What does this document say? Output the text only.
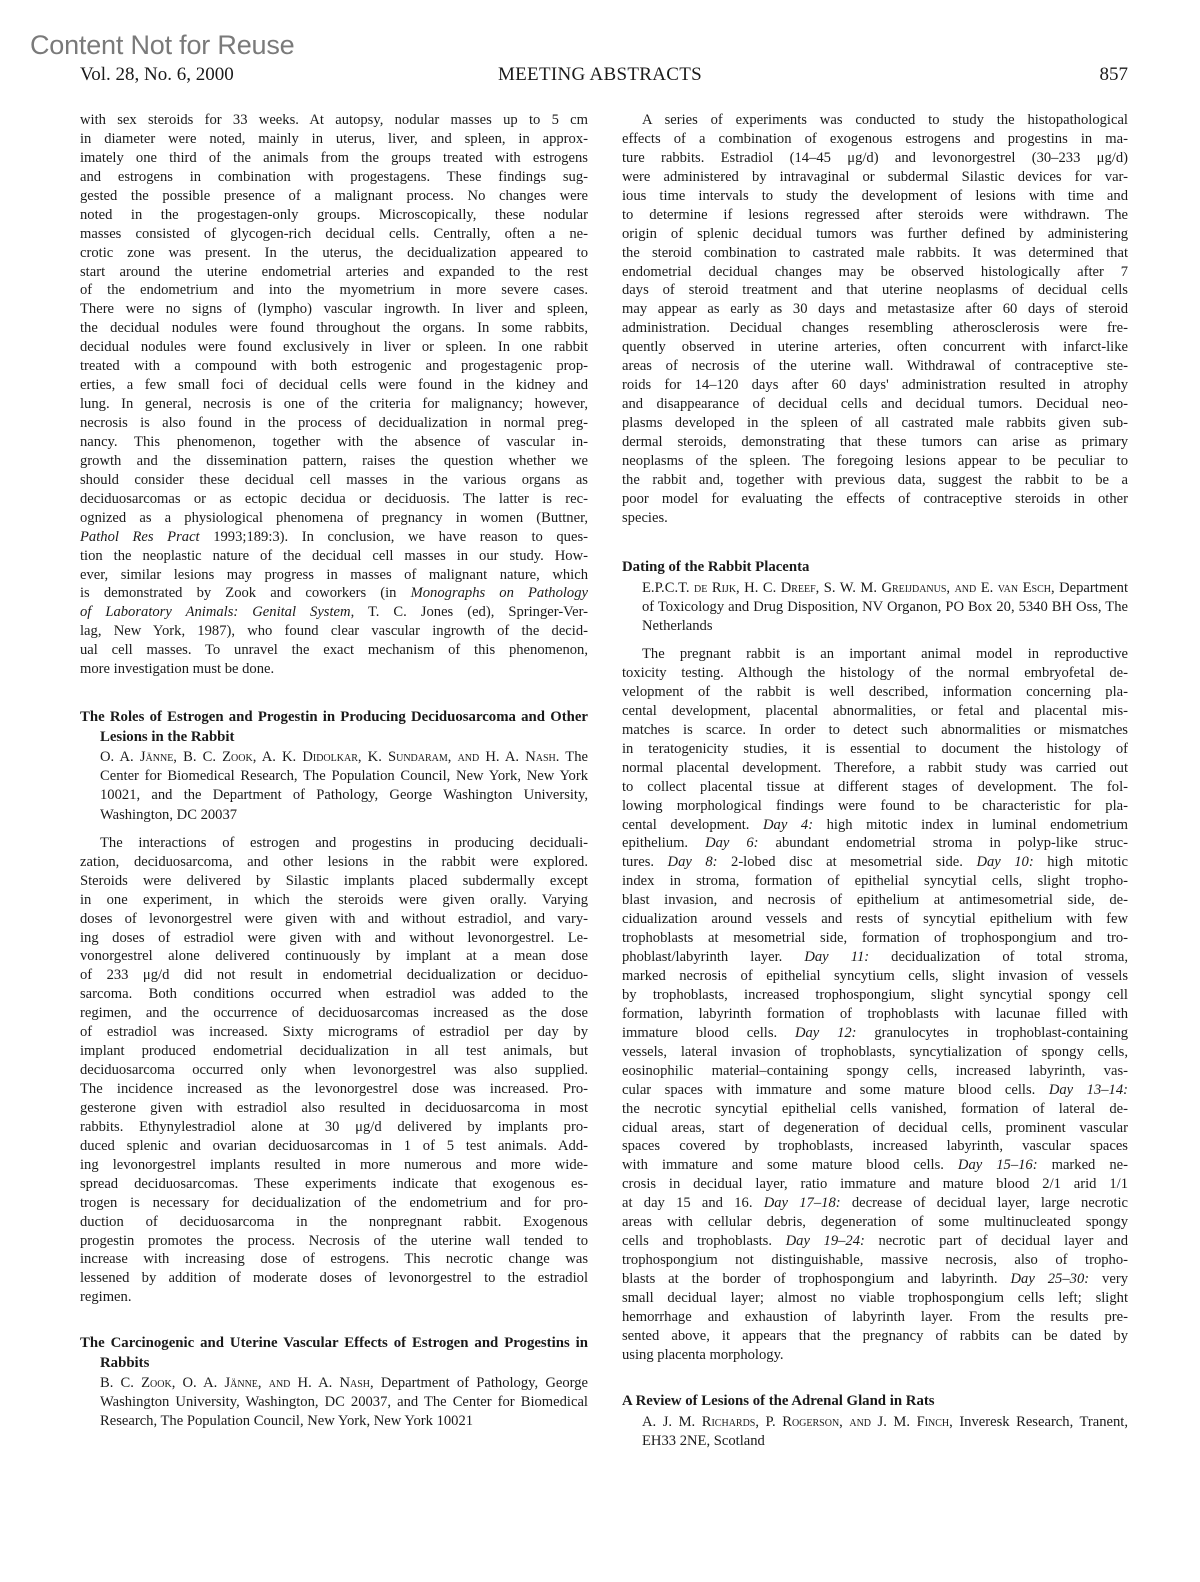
Content Not for Reuse
Vol. 28, No. 6, 2000	MEETING ABSTRACTS	857
with sex steroids for 33 weeks. At autopsy, nodular masses up to 5 cm
in diameter were noted, mainly in uterus, liver, and spleen, in approx-
imately one third of the animals from the groups treated with estrogens
and estrogens in combination with progestagens. These findings sug-
gested the possible presence of a malignant process. No changes were
noted in the progestagen-only groups. Microscopically, these nodular
masses consisted of glycogen-rich decidual cells. Centrally, often a ne-
crotic zone was present. In the uterus, the decidualization appeared to
start around the uterine endometrial arteries and expanded to the rest
of the endometrium and into the myometrium in more severe cases.
There were no signs of (lympho) vascular ingrowth. In liver and spleen,
the decidual nodules were found throughout the organs. In some rabbits,
decidual nodules were found exclusively in liver or spleen. In one rabbit
treated with a compound with both estrogenic and progestagenic prop-
erties, a few small foci of decidual cells were found in the kidney and
lung. In general, necrosis is one of the criteria for malignancy; however,
necrosis is also found in the process of decidualization in normal preg-
nancy. This phenomenon, together with the absence of vascular in-
growth and the dissemination pattern, raises the question whether we
should consider these decidual cell masses in the various organs as
deciduosarcomas or as ectopic decidua or deciduosis. The latter is rec-
ognized as a physiological phenomena of pregnancy in women (Buttner,
Pathol Res Pract 1993;189:3). In conclusion, we have reason to ques-
tion the neoplastic nature of the decidual cell masses in our study. How-
ever, similar lesions may progress in masses of malignant nature, which
is demonstrated by Zook and coworkers (in Monographs on Pathology
of Laboratory Animals: Genital System, T. C. Jones (ed), Springer-Ver-
lag, New York, 1987), who found clear vascular ingrowth of the decid-
ual cell masses. To unravel the exact mechanism of this phenomenon,
more investigation must be done.
The Roles of Estrogen and Progestin in Producing Deciduosarcoma and Other Lesions in the Rabbit
O. A. Jänne, B. C. Zook, A. K. Didolkar, K. Sundaram, and H. A. Nash. The Center for Biomedical Research, The Population Council, New York, New York 10021, and the Department of Pathology, George Washington University, Washington, DC 20037
The interactions of estrogen and progestins in producing deciduali-
zation, deciduosarcoma, and other lesions in the rabbit were explored.
Steroids were delivered by Silastic implants placed subdermally except
in one experiment, in which the steroids were given orally. Varying
doses of levonorgestrel were given with and without estradiol, and vary-
ing doses of estradiol were given with and without levonorgestrel. Le-
vonorgestrel alone delivered continuously by implant at a mean dose
of 233 μg/d did not result in endometrial decidualization or deciduo-
sarcoma. Both conditions occurred when estradiol was added to the
regimen, and the occurrence of deciduosarcomas increased as the dose
of estradiol was increased. Sixty micrograms of estradiol per day by
implant produced endometrial decidualization in all test animals, but
deciduosarcoma occurred only when levonorgestrel was also supplied.
The incidence increased as the levonorgestrel dose was increased. Pro-
gesterone given with estradiol also resulted in deciduosarcoma in most
rabbits. Ethynylestradiol alone at 30 μg/d delivered by implants pro-
duced splenic and ovarian deciduosarcomas in 1 of 5 test animals. Add-
ing levonorgestrel implants resulted in more numerous and more wide-
spread deciduosarcomas. These experiments indicate that exogenous es-
trogen is necessary for decidualization of the endometrium and for pro-
duction of deciduosarcoma in the nonpregnant rabbit. Exogenous
progestin promotes the process. Necrosis of the uterine wall tended to
increase with increasing dose of estrogens. This necrotic change was
lessened by addition of moderate doses of levonorgestrel to the estradiol
regimen.
The Carcinogenic and Uterine Vascular Effects of Estrogen and Progestins in Rabbits
B. C. Zook, O. A. Jänne, and H. A. Nash, Department of Pathology, George Washington University, Washington, DC 20037, and The Center for Biomedical Research, The Population Council, New York, New York 10021
A series of experiments was conducted to study the histopathological
effects of a combination of exogenous estrogens and progestins in ma-
ture rabbits. Estradiol (14–45 μg/d) and levonorgestrel (30–233 μg/d)
were administered by intravaginal or subdermal Silastic devices for var-
ious time intervals to study the development of lesions with time and
to determine if lesions regressed after steroids were withdrawn. The
origin of splenic decidual tumors was further defined by administering
the steroid combination to castrated male rabbits. It was determined that
endometrial decidual changes may be observed histologically after 7
days of steroid treatment and that uterine neoplasms of decidual cells
may appear as early as 30 days and metastasize after 60 days of steroid
administration. Decidual changes resembling atherosclerosis were fre-
quently observed in uterine arteries, often concurrent with infarct-like
areas of necrosis of the uterine wall. Withdrawal of contraceptive ste-
roids for 14–120 days after 60 days' administration resulted in atrophy
and disappearance of decidual cells and decidual tumors. Decidual neo-
plasms developed in the spleen of all castrated male rabbits given sub-
dermal steroids, demonstrating that these tumors can arise as primary
neoplasms of the spleen. The foregoing lesions appear to be peculiar to
the rabbit and, together with previous data, suggest the rabbit to be a
poor model for evaluating the effects of contraceptive steroids in other
species.
Dating of the Rabbit Placenta
E.P.C.T. de Rijk, H. C. Dreef, S. W. M. Greijdanus, and E. van Esch, Department of Toxicology and Drug Disposition, NV Organon, PO Box 20, 5340 BH Oss, The Netherlands
The pregnant rabbit is an important animal model in reproductive
toxicity testing. Although the histology of the normal embryofetal de-
velopment of the rabbit is well described, information concerning pla-
cental development, placental abnormalities, or fetal and placental mis-
matches is scarce. In order to detect such abnormalities or mismatches
in teratogenicity studies, it is essential to document the histology of
normal placental development. Therefore, a rabbit study was carried out
to collect placental tissue at different stages of development. The fol-
lowing morphological findings were found to be characteristic for pla-
cental development. Day 4: high mitotic index in luminal endometrium
epithelium. Day 6: abundant endometrial stroma in polyp-like struc-
tures. Day 8: 2-lobed disc at mesometrial side. Day 10: high mitotic
index in stroma, formation of epithelial syncytial cells, slight tropho-
blast invasion, and necrosis of epithelium at antimesometrial side, de-
cidualization around vessels and rests of syncytial epithelium with few
trophoblasts at mesometrial side, formation of trophospongium and tro-
phoblast/labyrinth layer. Day 11: decidualization of total stroma,
marked necrosis of epithelial syncytium cells, slight invasion of vessels
by trophoblasts, increased trophospongium, slight syncytial spongy cell
formation, labyrinth formation of trophoblasts with lacunae filled with
immature blood cells. Day 12: granulocytes in trophoblast-containing
vessels, lateral invasion of trophoblasts, syncytialization of spongy cells,
eosinophilic material–containing spongy cells, increased labyrinth, vas-
cular spaces with immature and some mature blood cells. Day 13–14:
the necrotic syncytial epithelial cells vanished, formation of lateral de-
cidual areas, start of degeneration of decidual cells, prominent vascular
spaces covered by trophoblasts, increased labyrinth, vascular spaces
with immature and some mature blood cells. Day 15–16: marked ne-
crosis in decidual layer, ratio immature and mature blood 2/1 arid 1/1
at day 15 and 16. Day 17–18: decrease of decidual layer, large necrotic
areas with cellular debris, degeneration of some multinucleated spongy
cells and trophoblasts. Day 19–24: necrotic part of decidual layer and
trophospongium not distinguishable, massive necrosis, also of tropho-
blasts at the border of trophospongium and labyrinth. Day 25–30: very
small decidual layer; almost no viable trophospongium cells left; slight
hemorrhage and exhaustion of labyrinth layer. From the results pre-
sented above, it appears that the pregnancy of rabbits can be dated by
using placenta morphology.
A Review of Lesions of the Adrenal Gland in Rats
A. J. M. Richards, P. Rogerson, and J. M. Finch, Inveresk Research, Tranent, EH33 2NE, Scotland
